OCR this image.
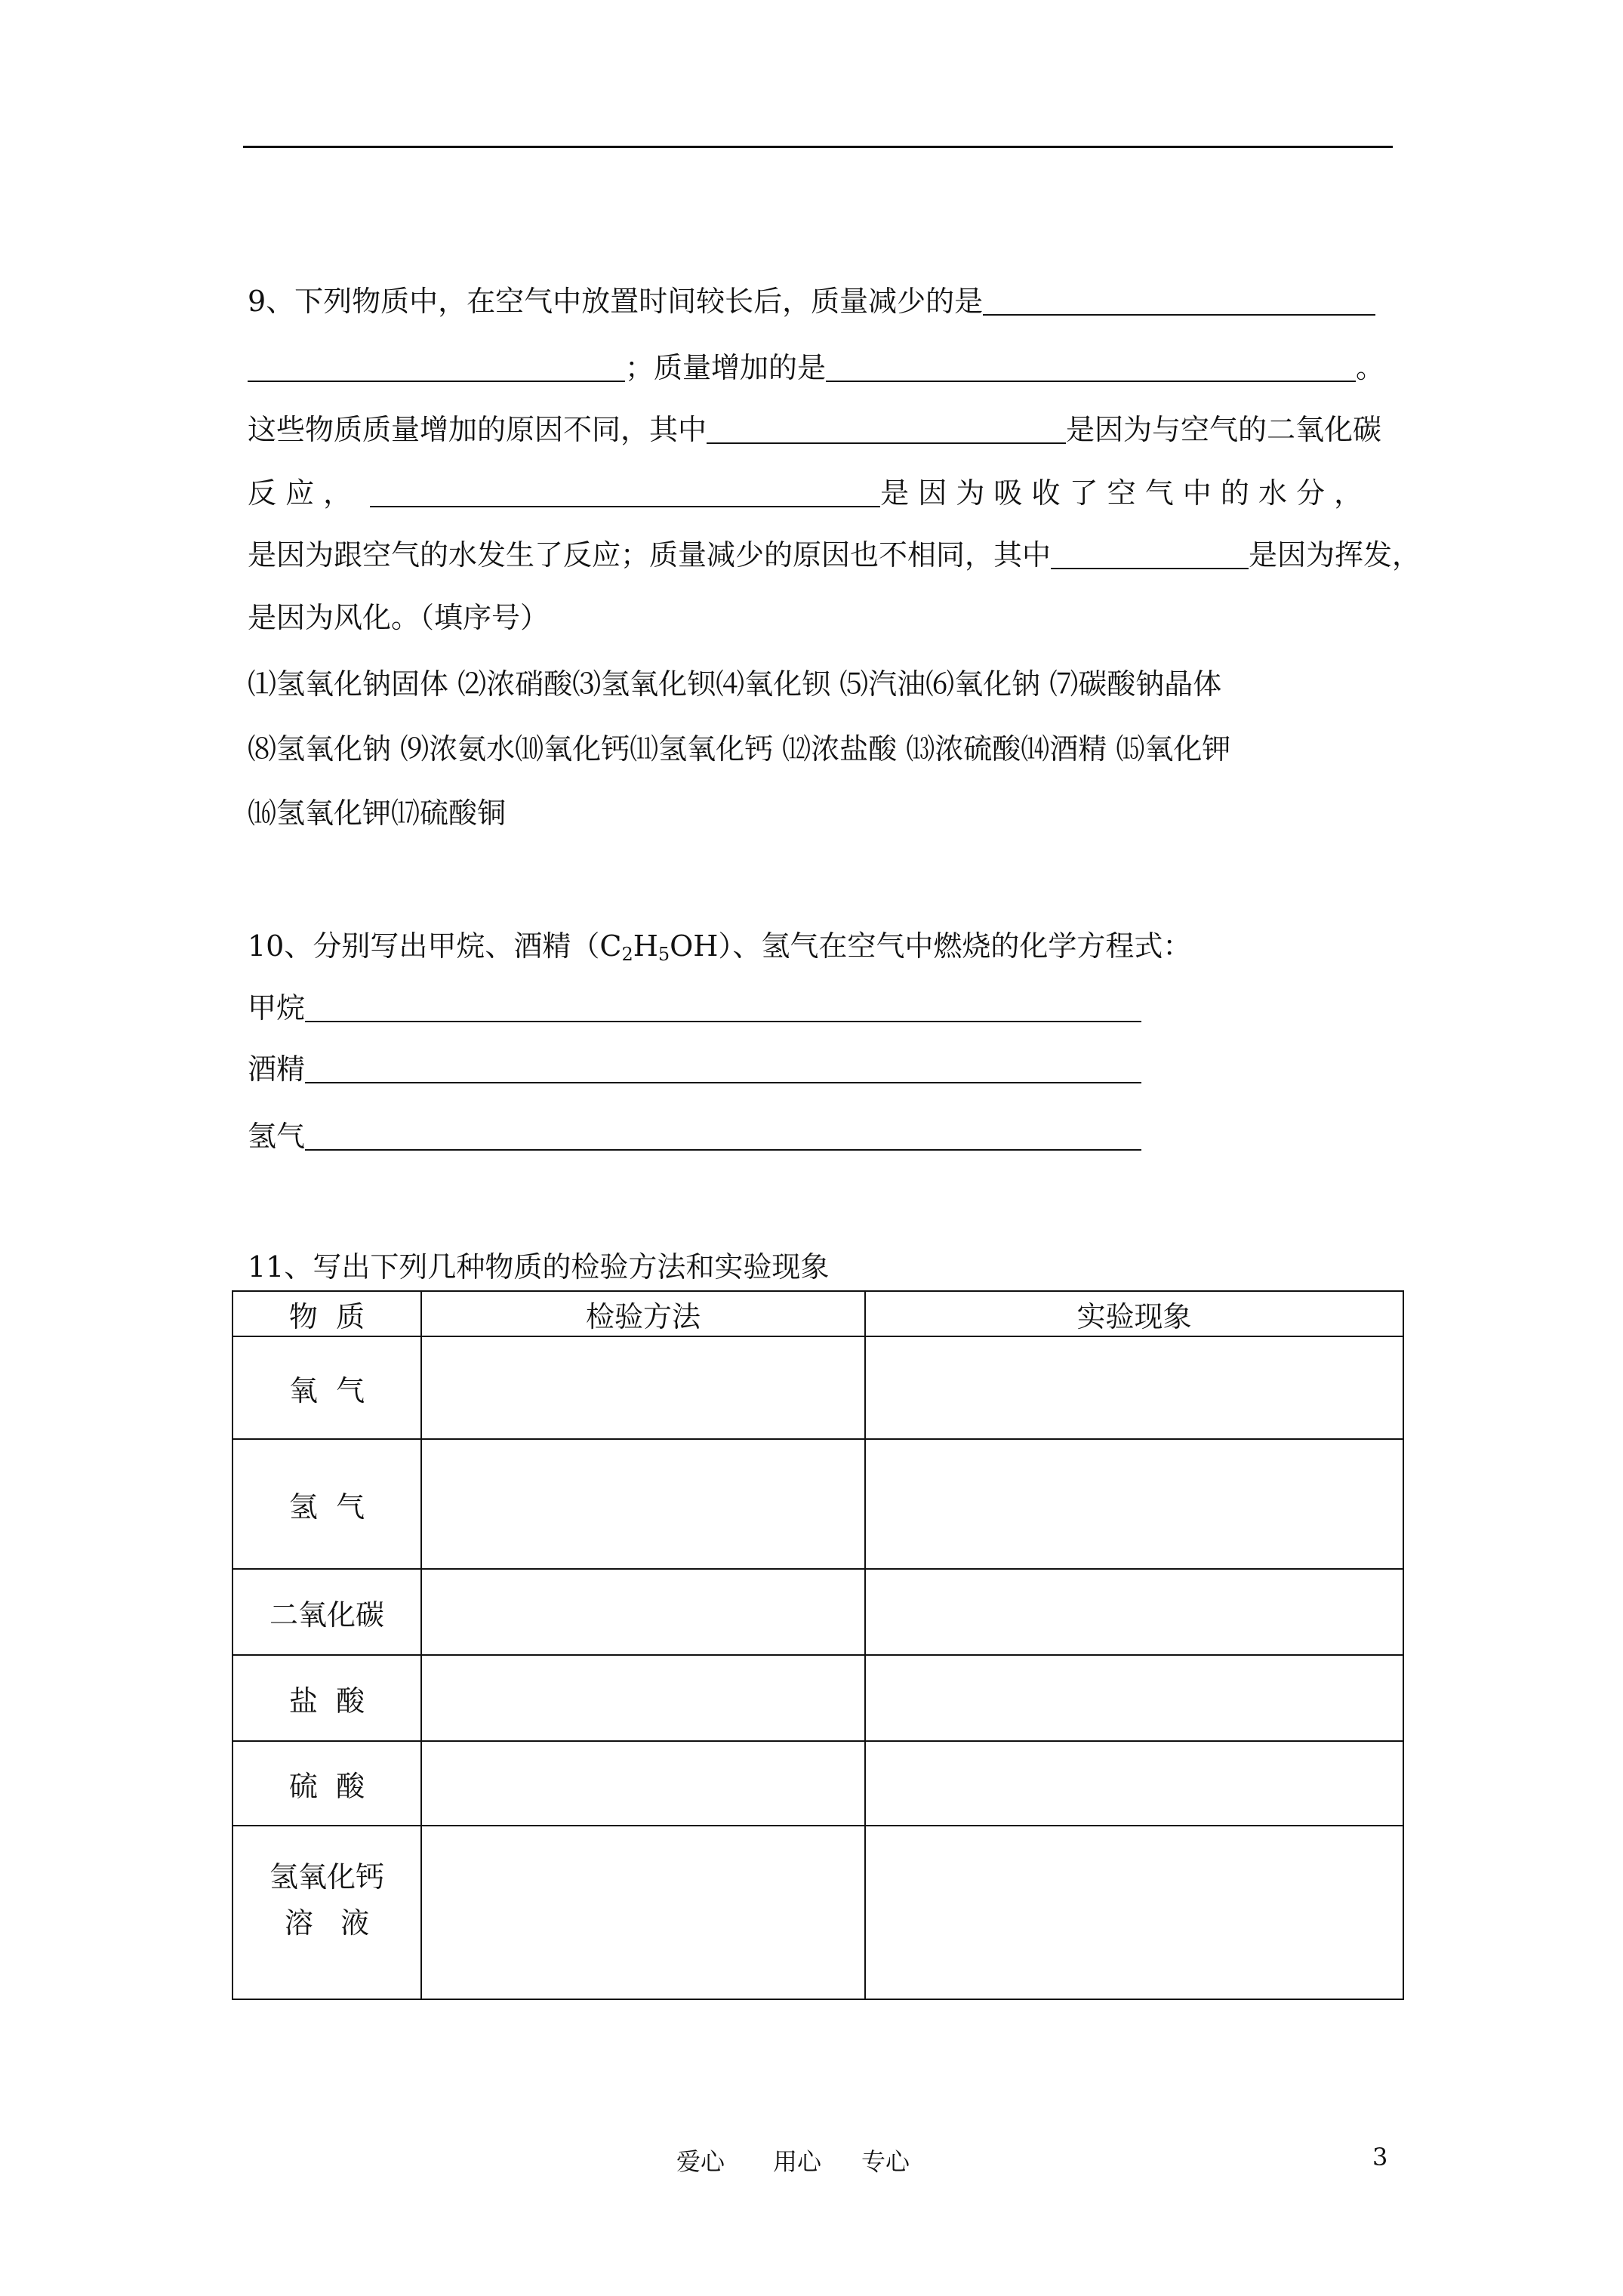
9、下列物质中，在空气中放置时间较长后，质量减少的是
；质量增加的是	。
这些物质质量增加的原因不同，其中	是因为与空气的二氧化碳
反 应 ，	是 因 为 吸 收 了 空 气 中 的 水 分 ，
是因为跟空气的水发生了反应；质量减少的原因也不相同，其中	是因为挥发，
是因为风化。（填序号）
⑴氢氧化钠固体 ⑵浓硝酸⑶氢氧化钡⑷氧化钡 ⑸汽油⑹氧化钠 ⑺碳酸钠晶体
⑻氢氧化钠 ⑼浓氨水⑽氧化钙⑾氢氧化钙 ⑿浓盐酸 ⒀浓硫酸⒁酒精 ⒂氧化钾
⒃氢氧化钾⒄硫酸铜
10、分别写出甲烷、酒精$(C_2H_5OH)$、氢气在空气中燃烧的化学方程式：
甲烷
酒精
氢气
11、写出下列几种物质的检验方法和实验现象
物  质	检验方法	实验现象
氧  气		
氢  气		
二氧化碳		
盐  酸		
硫  酸		

氢氧化钙
溶   液		

爱心 用心 专心	3
